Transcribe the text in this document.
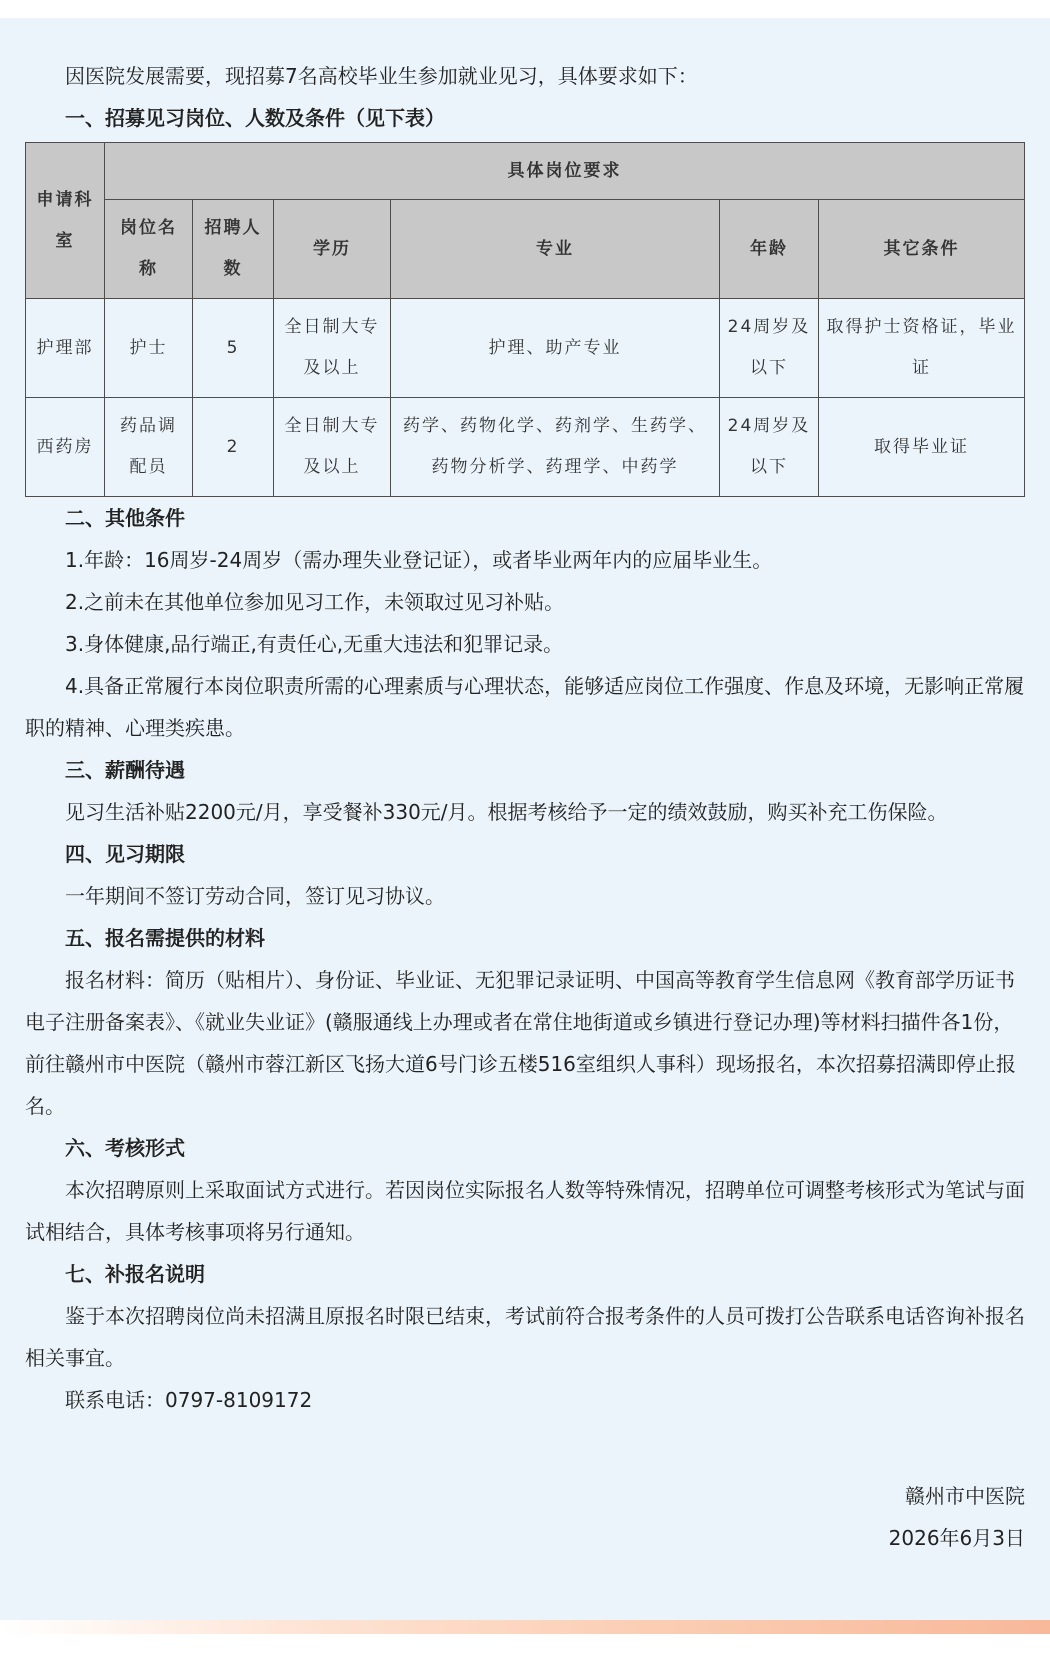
因医院发展需要，现招募7名高校毕业生参加就业见习，具体要求如下：

一、招募见习岗位、人数及条件（见下表）

申请科室	具体岗位要求					
	岗位名称	招聘人数	学历	专业	年龄	其它条件
护理部	护士	5	全日制大专及以上	护理、助产专业	24周岁及以下	取得护士资格证，毕业证
西药房	药品调配员	2	全日制大专及以上	药学、药物化学、药剂学、生药学、药物分析学、药理学、中药学	24周岁及以下	取得毕业证

二、其他条件

1.年龄：16周岁-24周岁（需办理失业登记证），或者毕业两年内的应届毕业生。

2.之前未在其他单位参加见习工作，未领取过见习补贴。

3.身体健康,品行端正,有责任心,无重大违法和犯罪记录。

4.具备正常履行本岗位职责所需的心理素质与心理状态，能够适应岗位工作强度、作息及环境，无影响正常履职的精神、心理类疾患。

三、薪酬待遇

见习生活补贴2200元/月，享受餐补330元/月。根据考核给予一定的绩效鼓励，购买补充工伤保险。

四、见习期限

一年期间不签订劳动合同，签订见习协议。

五、报名需提供的材料

报名材料：简历（贴相片）、身份证、毕业证、无犯罪记录证明、中国高等教育学生信息网《教育部学历证书电子注册备案表》、《就业失业证》(赣服通线上办理或者在常住地街道或乡镇进行登记办理)等材料扫描件各1份，前往赣州市中医院（赣州市蓉江新区飞扬大道6号门诊五楼516室组织人事科）现场报名，本次招募招满即停止报名。

六、考核形式

本次招聘原则上采取面试方式进行。若因岗位实际报名人数等特殊情况，招聘单位可调整考核形式为笔试与面试相结合，具体考核事项将另行通知。

七、补报名说明

鉴于本次招聘岗位尚未招满且原报名时限已结束，考试前符合报考条件的人员可拨打公告联系电话咨询补报名相关事宜。

联系电话：0797-8109172

赣州市中医院

2026年6月3日
